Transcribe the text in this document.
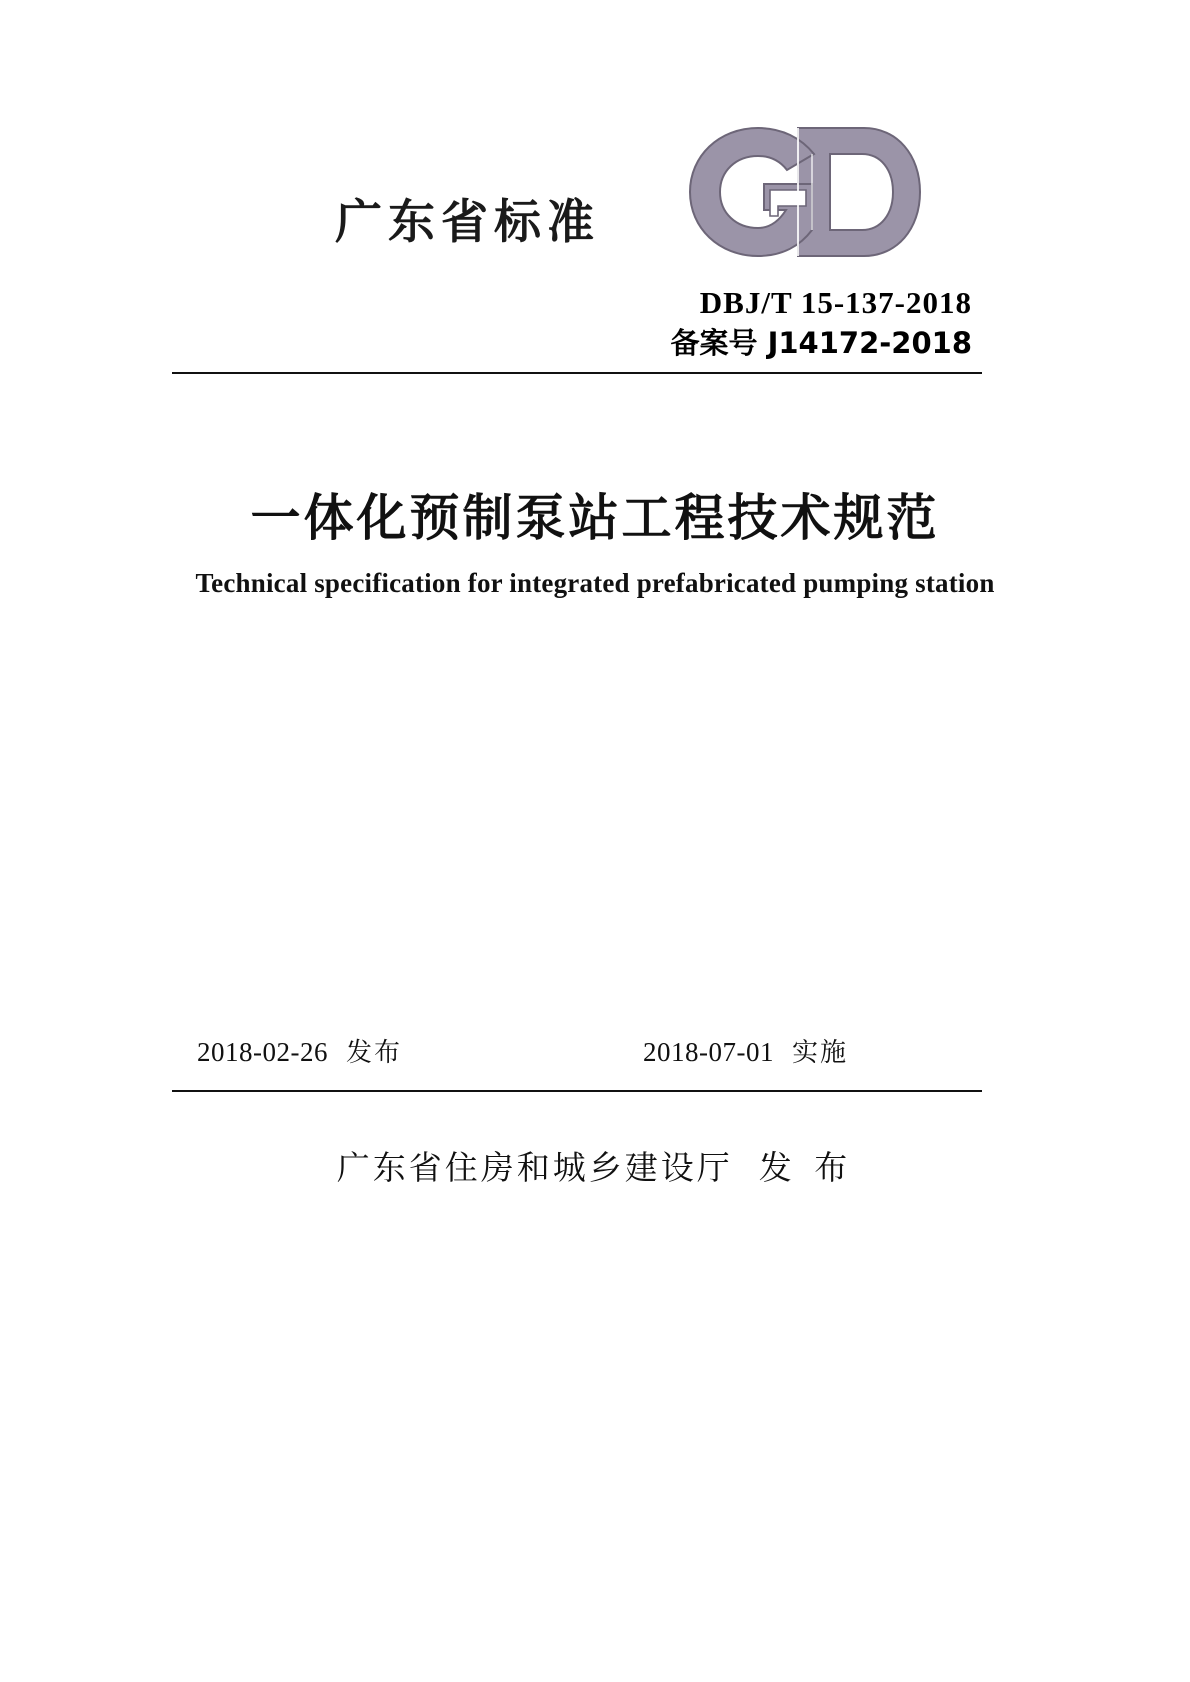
广东省标准
DBJ/T 15-137-2018
备案号 J14172-2018
一体化预制泵站工程技术规范
Technical specification for integrated prefabricated pumping station
2018-02-26 发布	2018-07-01 实施
广东省住房和城乡建设厅 发 布
